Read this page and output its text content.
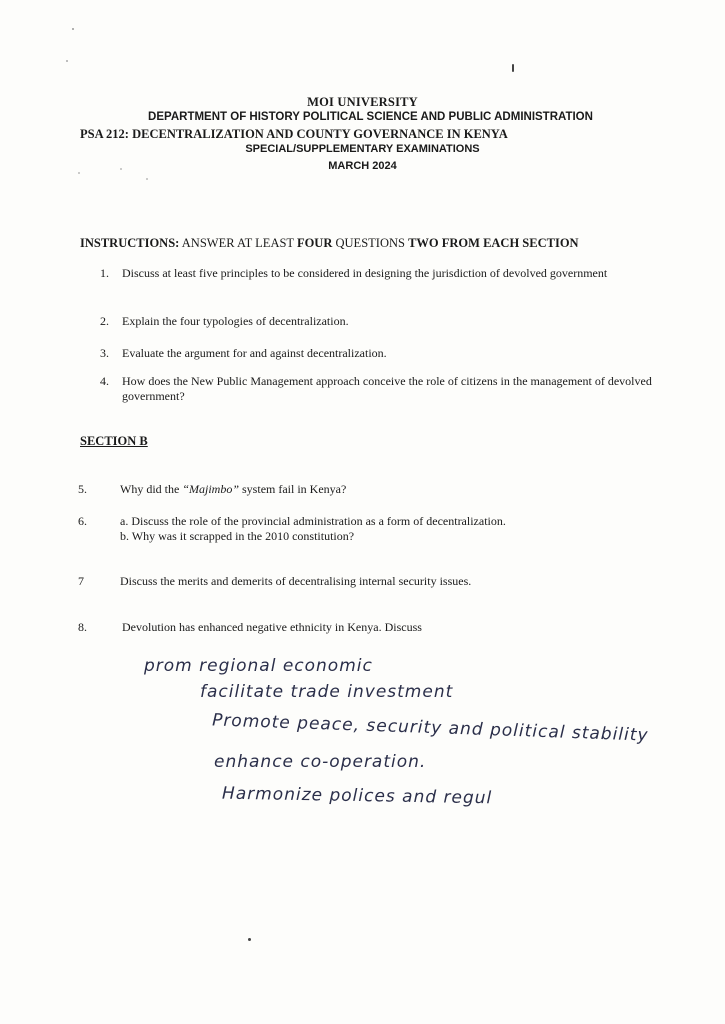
MOI UNIVERSITY
DEPARTMENT OF HISTORY POLITICAL SCIENCE AND PUBLIC ADMINISTRATION
PSA 212: DECENTRALIZATION AND COUNTY GOVERNANCE IN KENYA
SPECIAL/SUPPLEMENTARY EXAMINATIONS
MARCH 2024
INSTRUCTIONS: ANSWER AT LEAST FOUR QUESTIONS TWO FROM EACH SECTION
1. Discuss at least five principles to be considered in designing the jurisdiction of devolved government
2. Explain the four typologies of decentralization.
3. Evaluate the argument for and against decentralization.
4. How does the New Public Management approach conceive the role of citizens in the management of devolved government?
SECTION B
5.	Why did the “Majimbo” system fail in Kenya?
6.	a. Discuss the role of the provincial administration as a form of decentralization.
b. Why was it scrapped in the 2010 constitution?
7	Discuss the merits and demerits of decentralising internal security issues.
8.	Devolution has enhanced negative ethnicity in Kenya. Discuss
prom regional economic
facilitate trade investment
Promote peace, security and political stability
enhance co-operation.
Harmonize polices and regul
